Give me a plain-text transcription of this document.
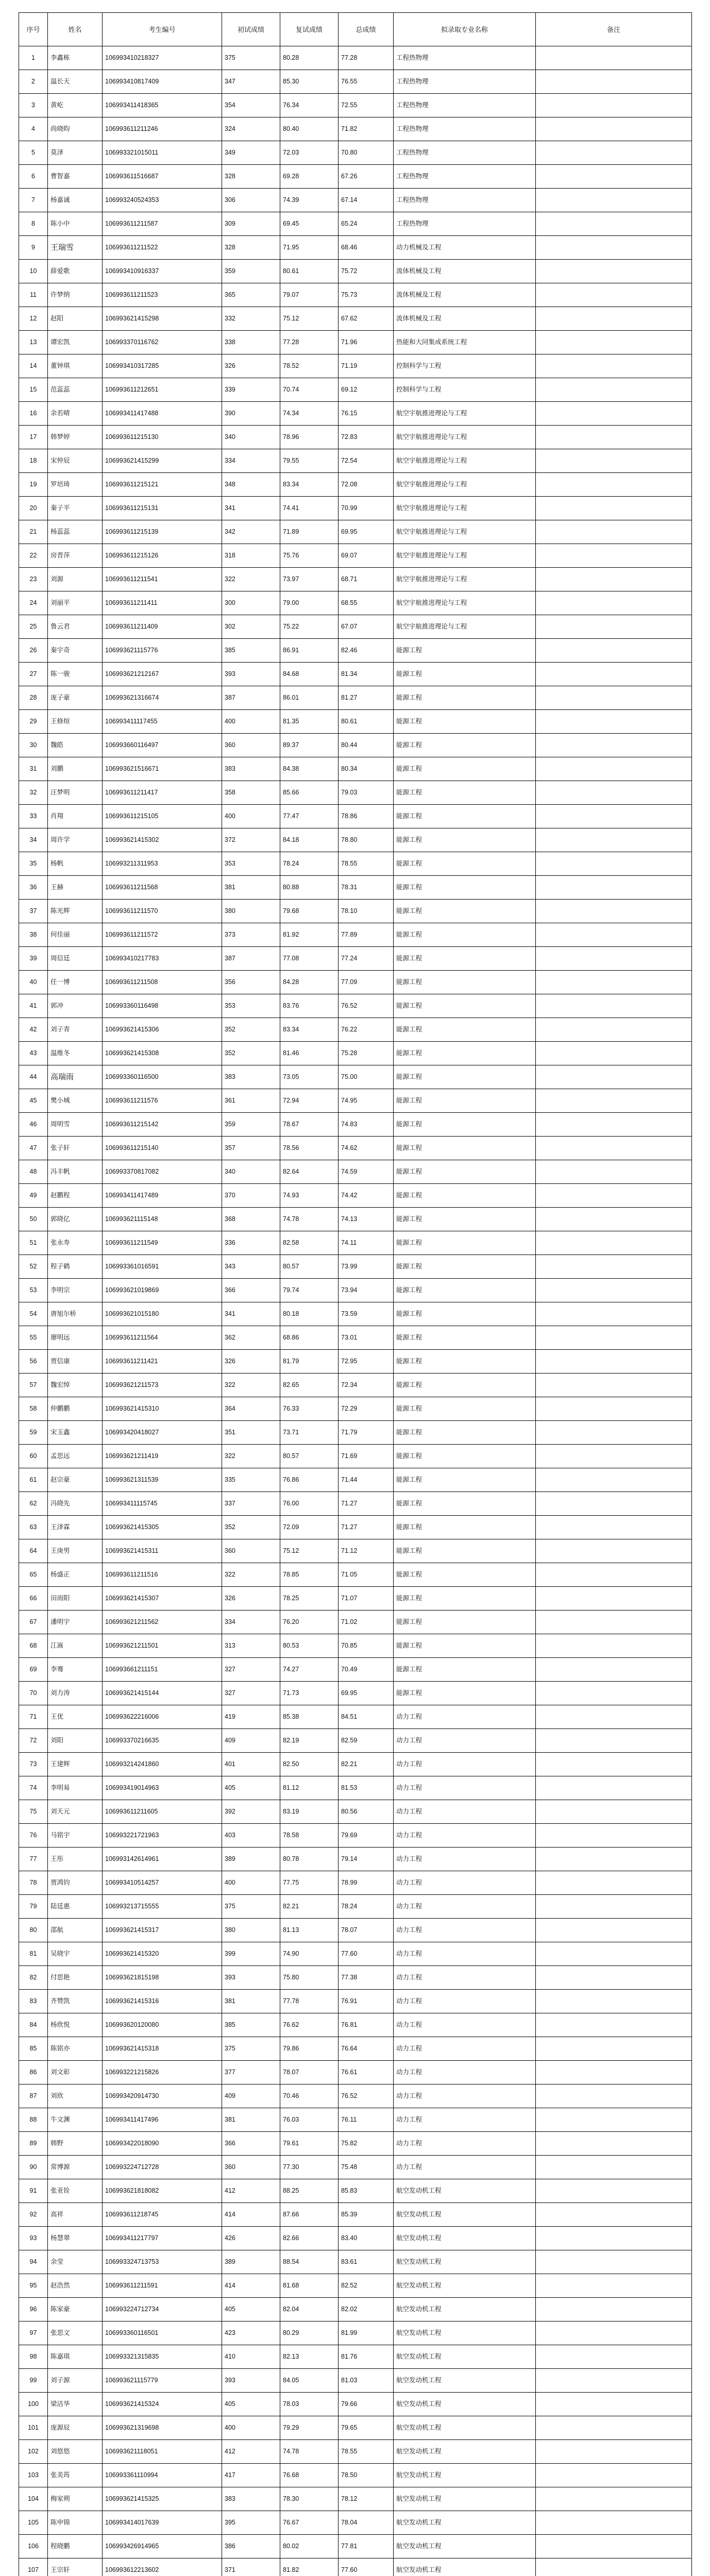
序号	姓名	考生编号	初试成绩	复试成绩	总成绩	拟录取专业名称	备注
1	李鑫栋	106993410218327	375	80.28	77.28	工程热物理	
2	温长天	106993410817409	347	85.30	76.55	工程热物理	
3	黄屹	106993411418365	354	76.34	72.55	工程热物理	
4	尚晓昀	106993611211246	324	80.40	71.82	工程热物理	
5	莫泽	106993321015011	349	72.03	70.80	工程热物理	
6	曹智嘉	106993611516687	328	69.28	67.26	工程热物理	
7	杨嘉诚	106993240524353	306	74.39	67.14	工程热物理	
8	陈小中	106993611211587	309	69.45	65.24	工程热物理	
9	王瑞雪	106993611211522	328	71.95	68.46	动力机械及工程	
10	薛爱歌	106993410916337	359	80.61	75.72	流体机械及工程	
11	许梦纳	106993611211523	365	79.07	75.73	流体机械及工程	
12	赵阳	106993621415298	332	75.12	67.62	流体机械及工程	
13	谭宏凯	106993370116762	338	77.28	71.96	热能和大同集成系统工程	
14	董钟琪	106993410317285	326	78.52	71.19	控制科学与工程	
15	范蕊蕊	106993611212651	339	70.74	69.12	控制科学与工程	
16	余若晴	106993411417488	390	74.34	76.15	航空宇航推进理论与工程	
17	韩梦婷	106993611215130	340	78.96	72.83	航空宇航推进理论与工程	
18	宋仲辰	106993621415299	334	79.55	72.54	航空宇航推进理论与工程	
19	罗培琦	106993611215121	348	83.34	72.08	航空宇航推进理论与工程	
20	秦子平	106993611215131	341	74.41	70.99	航空宇航推进理论与工程	
21	杨蕊蕊	106993611215139	342	71.89	69.95	航空宇航推进理论与工程	
22	房晋萍	106993611215126	318	75.76	69.07	航空宇航推进理论与工程	
23	刘源	106993611211541	322	73.97	68.71	航空宇航推进理论与工程	
24	刘丽平	106993611211411	300	79.00	68.55	航空宇航推进理论与工程	
25	鲁云君	106993611211409	302	75.22	67.07	航空宇航推进理论与工程	
26	秦宇奇	106993621115776	385	86.91	82.46	能源工程	
27	陈一骏	106993621212167	393	84.68	81.34	能源工程	
28	庞子豪	106993621316674	387	86.01	81.27	能源工程	
29	王修煊	106993411117455	400	81.35	80.61	能源工程	
30	魏皓	106993660116497	360	89.37	80.44	能源工程	
31	刘鹏	106993621516671	383	84.38	80.34	能源工程	
32	汪梦明	106993611211417	358	85.66	79.03	能源工程	
33	肖翔	106993611215105	400	77.47	78.86	能源工程	
34	周许学	106993621415302	372	84.18	78.80	能源工程	
35	杨帆	106993211311953	353	78.24	78.55	能源工程	
36	王赫	106993611211568	381	80.88	78.31	能源工程	
37	陈光辉	106993611211570	380	79.68	78.10	能源工程	
38	何佳丽	106993611211572	373	81.92	77.89	能源工程	
39	周信廷	106993410217783	387	77.08	77.24	能源工程	
40	任一博	106993611211508	356	84.28	77.09	能源工程	
41	郭冲	106993360116498	353	83.76	76.52	能源工程	
42	刘子青	106993621415306	352	83.34	76.22	能源工程	
43	温维冬	106993621415308	352	81.46	75.28	能源工程	
44	高瑞雨	106993360116500	383	73.05	75.00	能源工程	
45	樊小城	106993611211576	361	72.94	74.95	能源工程	
46	周明雪	106993611215142	359	78.67	74.83	能源工程	
47	张子轩	106993611215140	357	78.56	74.62	能源工程	
48	冯丰帆	106993370817082	340	82.64	74.59	能源工程	
49	赵鹏程	106993411417489	370	74.93	74.42	能源工程	
50	郭晓亿	106993621115148	368	74.78	74.13	能源工程	
51	张永寿	106993611211549	336	82.58	74.11	能源工程	
52	程子鹤	106993361016591	343	80.57	73.99	能源工程	
53	李明宗	106993621019869	366	79.74	73.94	能源工程	
54	唐旭尔桥	106993621015180	341	80.18	73.59	能源工程	
55	廖明远	106993611211564	362	68.86	73.01	能源工程	
56	贾信康	106993611211421	326	81.79	72.95	能源工程	
57	魏宏绰	106993621211573	322	82.65	72.34	能源工程	
58	仲鹏鹏	106993621415310	364	76.33	72.29	能源工程	
59	宋玉鑫	106993420418027	351	73.71	71.79	能源工程	
60	孟思远	106993621211419	322	80.57	71.69	能源工程	
61	赵宗豪	106993621311539	335	76.86	71.44	能源工程	
62	冯晓先	106993411115745	337	76.00	71.27	能源工程	
63	王泽霖	106993621415305	352	72.09	71.27	能源工程	
64	王庚男	106993621415311	360	75.12	71.12	能源工程	
65	杨盛正	106993611211516	322	78.85	71.05	能源工程	
66	田雨阳	106993621415307	326	78.25	71.07	能源工程	
67	潘明宇	106993621211562	334	76.20	71.02	能源工程	
68	江嵩	106993621211501	313	80.53	70.85	能源工程	
69	李骞	106993661211151	327	74.27	70.49	能源工程	
70	刘力涛	106993621415144	327	71.73	69.95	能源工程	
71	王优	106993622216006	419	85.38	84.51	动力工程	
72	刘阳	106993370216635	409	82.19	82.59	动力工程	
73	王建辉	106993214241860	401	82.50	82.21	动力工程	
74	李明易	106993419014963	405	81.12	81.53	动力工程	
75	刘天元	106993611211605	392	83.19	80.56	动力工程	
76	马铭宇	106993221721963	403	78.58	79.69	动力工程	
77	王彤	106993142614961	389	80.78	79.14	动力工程	
78	贾鸿钧	106993410514257	400	77.75	78.99	动力工程	
79	陆廷惠	106993213715555	375	82.21	78.24	动力工程	
80	邵航	106993621415317	380	81.13	78.07	动力工程	
81	吴晓宇	106993621415320	399	74.90	77.60	动力工程	
82	付思艳	106993621815198	393	75.80	77.38	动力工程	
83	齐赞凯	106993621415316	381	77.78	76.91	动力工程	
84	杨欣悦	106993620120080	385	76.62	76.81	动力工程	
85	陈铭亦	106993621415318	375	79.86	76.64	动力工程	
86	刘文彰	106993221215826	377	78.07	76.61	动力工程	
87	刘欣	106993420914730	409	70.46	76.52	动力工程	
88	牛文渊	106993411417496	381	76.03	76.11	动力工程	
89	韩野	106993422018090	366	79.61	75.82	动力工程	
90	常博源	106993224712728	360	77.30	75.48	动力工程	
91	张亚铨	106993621818082	412	88.25	85.83	航空发动机工程	
92	高祥	106993611218745	414	87.66	85.39	航空发动机工程	
93	杨慧翠	106993411217797	426	82.66	83.40	航空发动机工程	
94	余莹	106993324713753	389	88.54	83.61	航空发动机工程	
95	赵浩然	106993611211591	414	81.68	82.52	航空发动机工程	
96	陈家豪	106993224712734	405	82.04	82.02	航空发动机工程	
97	张思文	106993360116501	423	80.29	81.99	航空发动机工程	
98	陈嘉琪	106993321315835	410	82.13	81.76	航空发动机工程	
99	刘子源	106993621115779	393	84.05	81.03	航空发动机工程	
100	梁洁华	106993621415324	405	78.03	79.66	航空发动机工程	
101	庞源辰	106993621319698	400	79.29	79.65	航空发动机工程	
102	刘悠悠	106993621118051	412	74.78	78.55	航空发动机工程	
103	张美筠	106993361110994	417	76.68	78.50	航空发动机工程	
104	梅家朔	106993621415325	383	78.30	78.12	航空发动机工程	
105	陈申锦	106993414017639	395	76.67	78.04	航空发动机工程	
106	程晓鹏	106993426914965	386	80.02	77.81	航空发动机工程	
107	王宗轩	106993612213602	371	81.82	77.60	航空发动机工程	
